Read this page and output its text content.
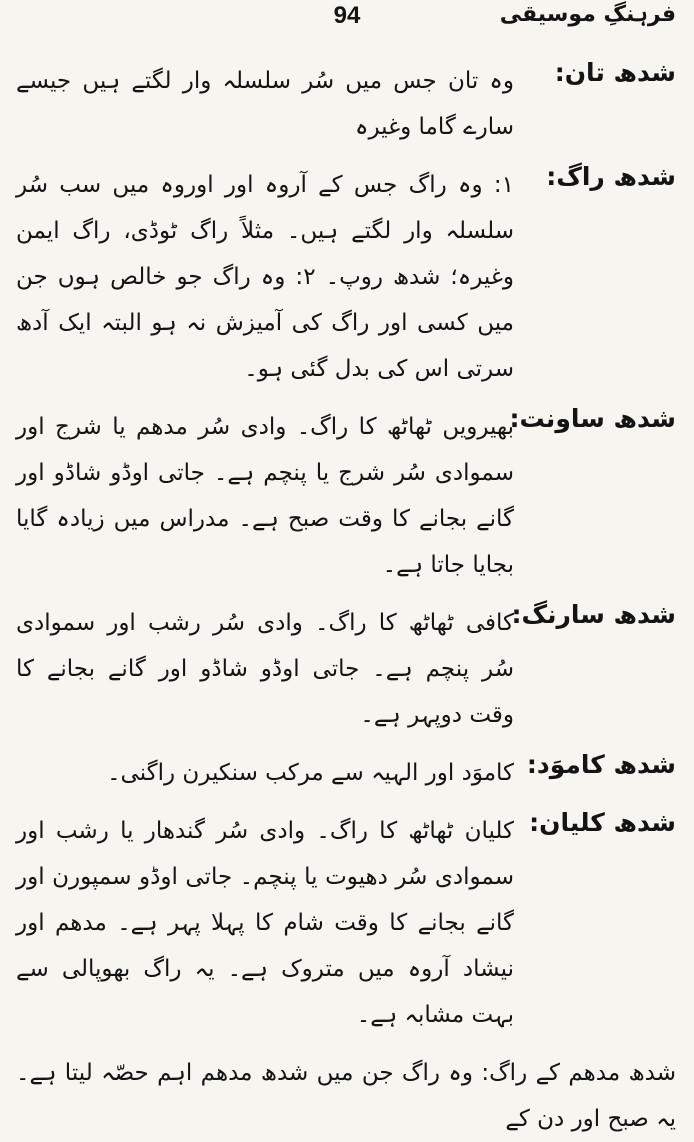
94	فرہنگِ موسیقی
شدھ تان:
وہ تان جس میں سُر سلسلہ وار لگتے ہیں جیسے سارے گاما وغیرہ
شدھ راگ:
۱: وہ راگ جس کے آروہ اور اوروہ میں سب سُر سلسلہ وار لگتے ہیں۔ مثلاً راگ ٹوڈی، راگ ایمن وغیرہ؛ شدھ روپ۔ ۲: وہ راگ جو خالص ہوں جن میں کسی اور راگ کی آمیزش نہ ہو البتہ ایک آدھ سرتی اس کی بدل گئی ہو۔
شدھ ساونت:
بھیرویں ٹھاٹھ کا راگ۔ وادی سُر مدھم یا شرج اور سموادی سُر شرج یا پنچم ہے۔ جاتی اوڈو شاڈو اور گانے بجانے کا وقت صبح ہے۔ مدراس میں زیادہ گایا بجایا جاتا ہے۔
شدھ سارنگ:
کافی ٹھاٹھ کا راگ۔ وادی سُر رشب اور سموادی سُر پنچم ہے۔ جاتی اوڈو شاڈو اور گانے بجانے کا وقت دوپہر ہے۔
شدھ کاموَد:
کاموَد اور الہیہ سے مرکب سنکیرن راگنی۔
شدھ کلیان:
کلیان ٹھاٹھ کا راگ۔ وادی سُر گندھار یا رشب اور سموادی سُر دھیوت یا پنچم۔ جاتی اوڈو سمپورن اور گانے بجانے کا وقت شام کا پہلا پہر ہے۔ مدھم اور نیشاد آروہ میں متروک ہے۔ یہ راگ بھوپالی سے بہت مشابہ ہے۔
شدھ مدھم کے راگ: وہ راگ جن میں شدھ مدھم اہم حصّہ لیتا ہے۔ یہ صبح اور دن کے
